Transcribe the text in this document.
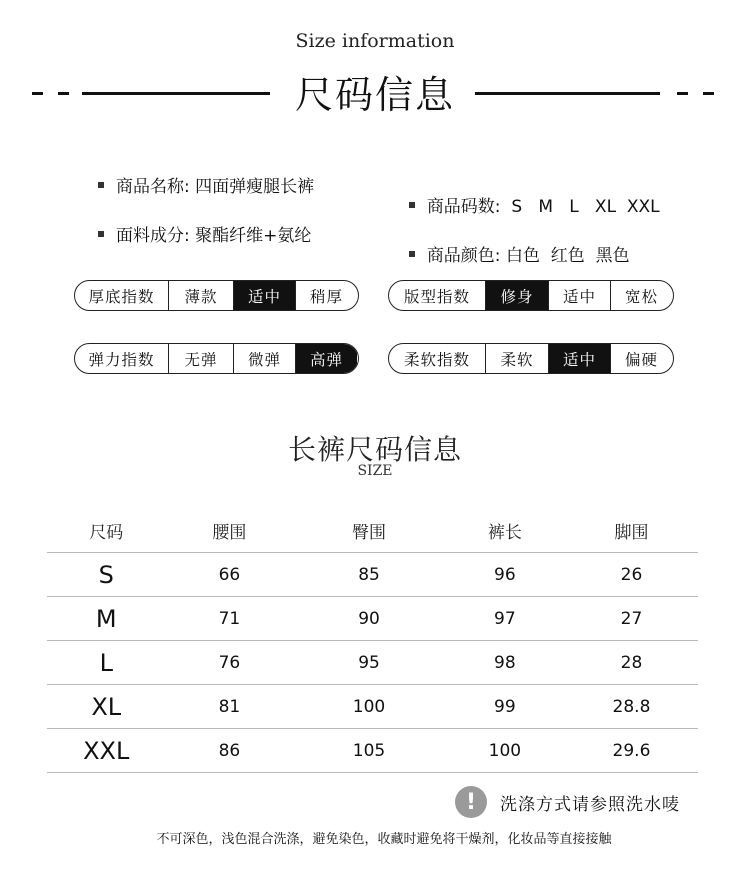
Size information
尺码信息
商品名称: 四面弹瘦腿长裤

商品码数: S   M   L   XL  XXL

面料成分: 聚酯纤维+氨纶

商品颜色: 白色  红色  黑色

厚底指数	薄款	适中	稍厚	版型指数	修身	适中	宽松
弹力指数	无弹	微弹	高弹	柔软指数	柔软	适中	偏硬
长裤尺码信息
SIZE
尺码	腰围	臀围	裤长	脚围
S	66	85	96	26
M	71	90	97	27
L	76	95	98	28
XL	81	100	99	28.8
XXL	86	105	100	29.6
!	洗涤方式请参照洗水唛
不可深色，浅色混合洗涤，避免染色，收藏时避免将干燥剂，化妆品等直接接触
